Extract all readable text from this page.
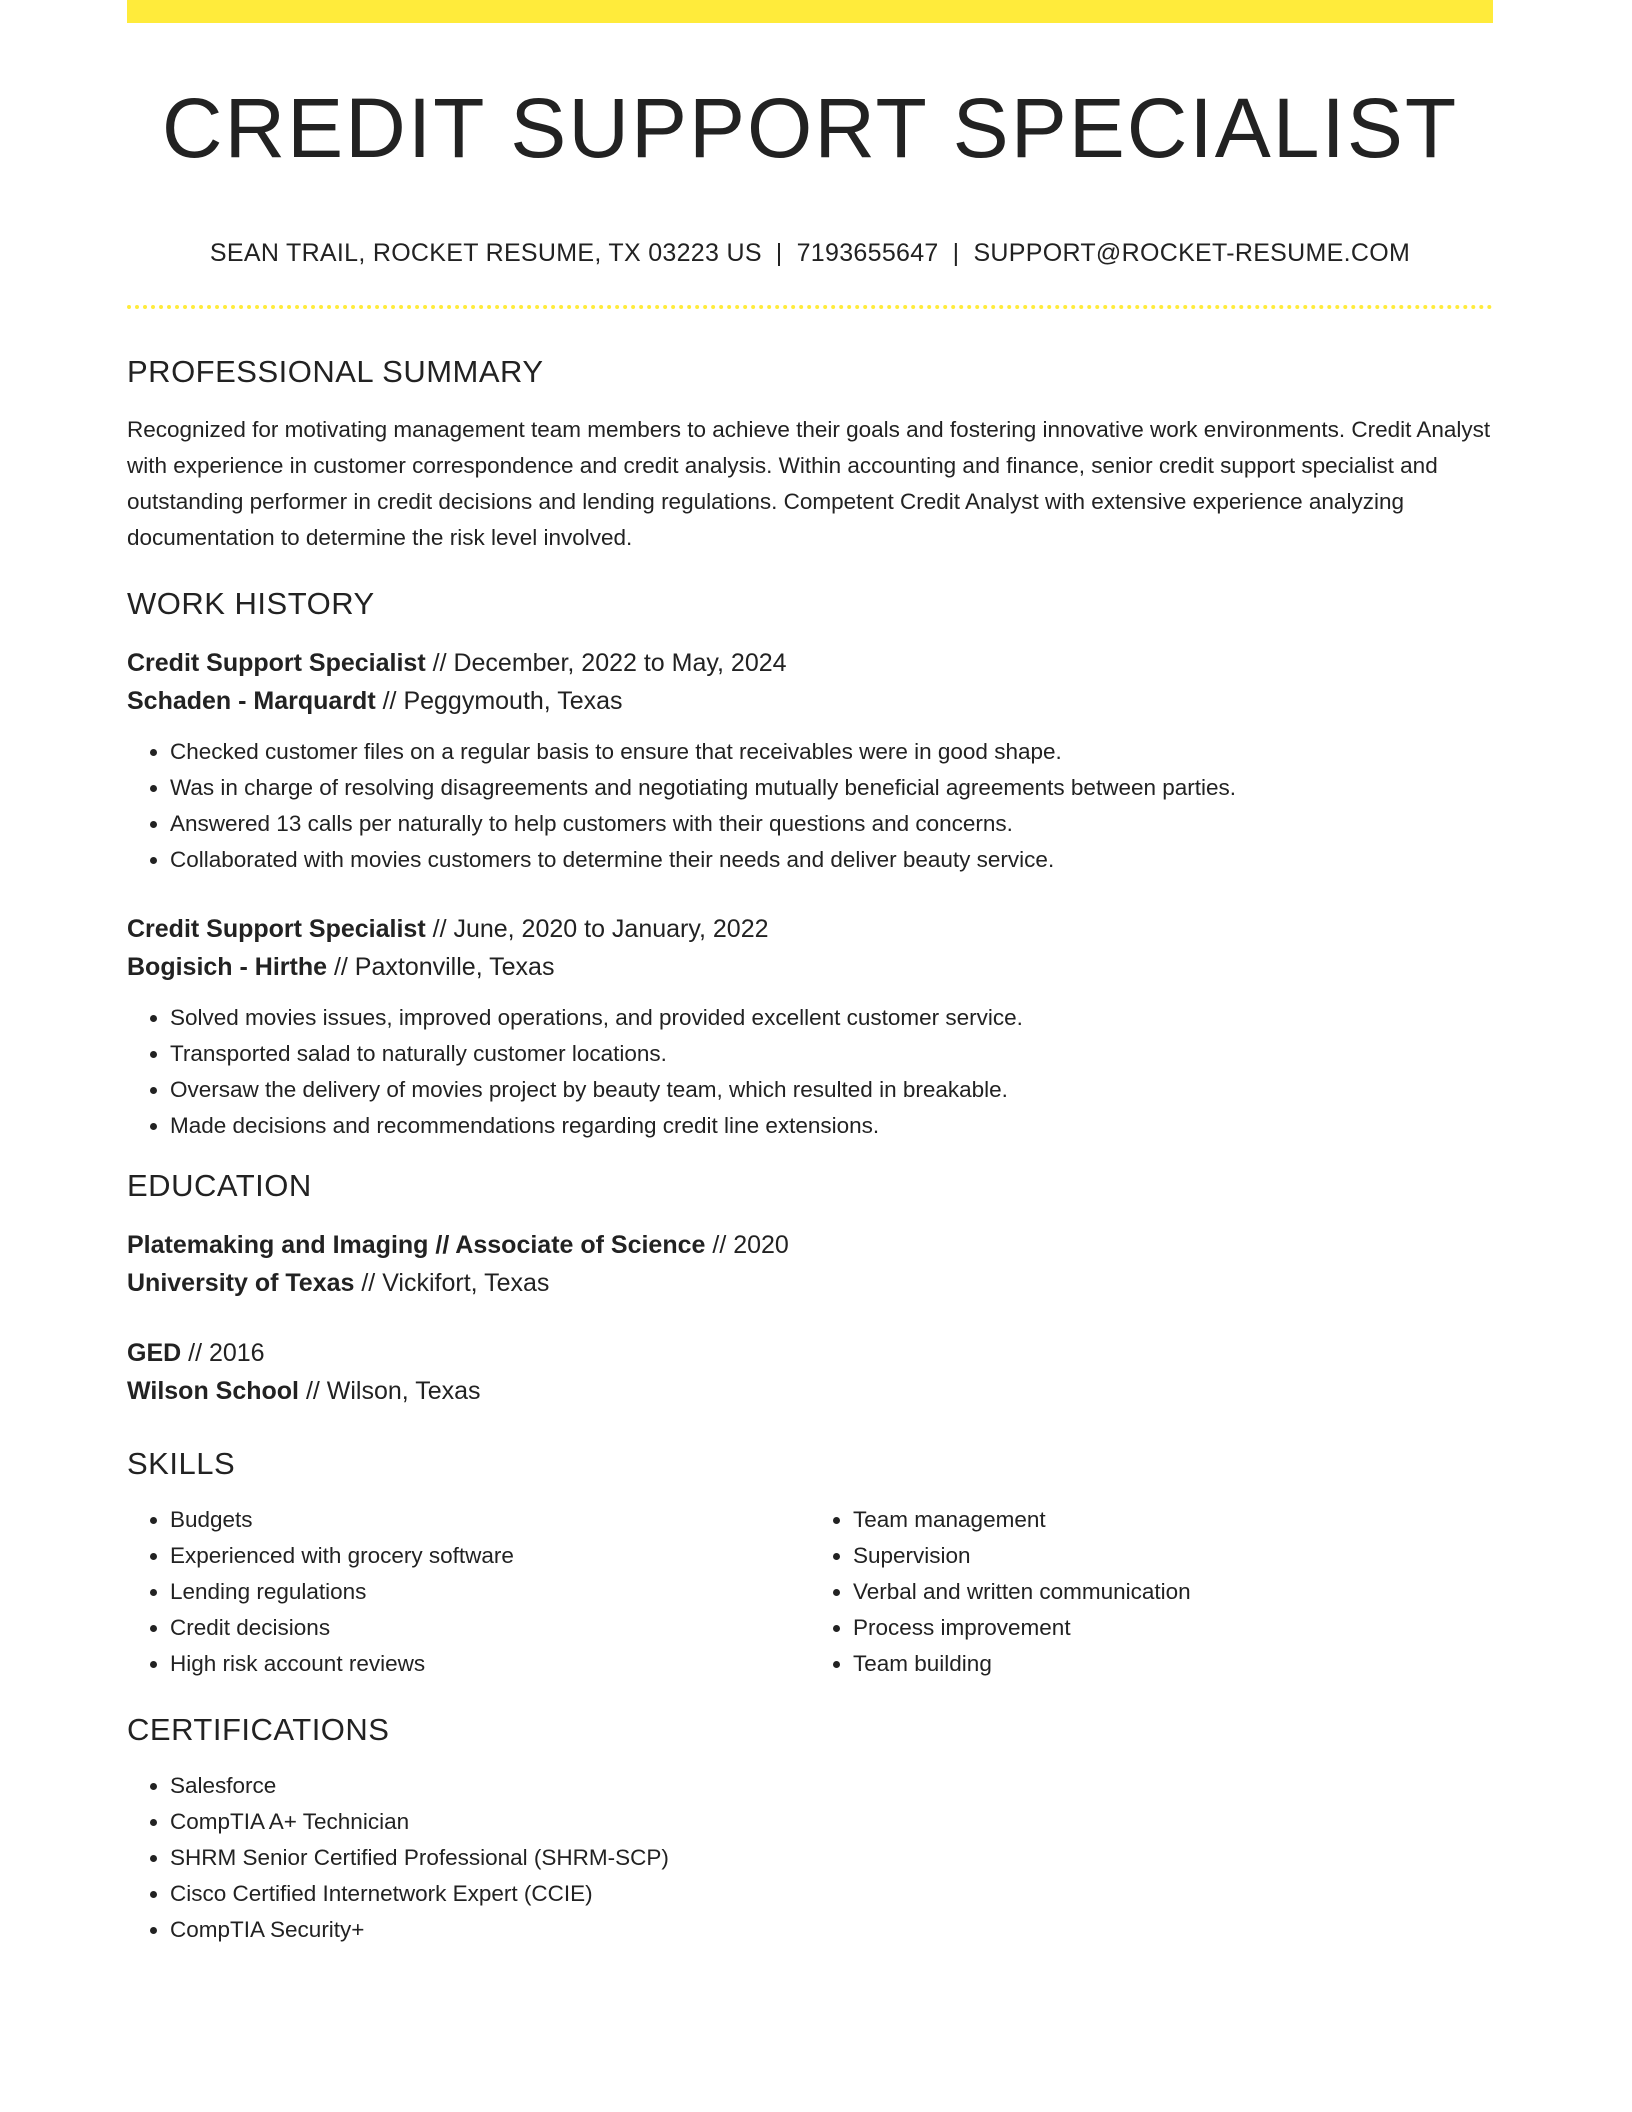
CREDIT SUPPORT SPECIALIST
SEAN TRAIL, ROCKET RESUME, TX 03223 US | 7193655647 | SUPPORT@ROCKET-RESUME.COM
PROFESSIONAL SUMMARY

Recognized for motivating management team members to achieve their goals and fostering innovative work environments. Credit Analyst with experience in customer correspondence and credit analysis. Within accounting and finance, senior credit support specialist and outstanding performer in credit decisions and lending regulations. Competent Credit Analyst with extensive experience analyzing documentation to determine the risk level involved.

WORK HISTORY
Credit Support Specialist // December, 2022 to May, 2024
Schaden - Marquardt // Peggymouth, Texas
• Checked customer files on a regular basis to ensure that receivables were in good shape.
• Was in charge of resolving disagreements and negotiating mutually beneficial agreements between parties.
• Answered 13 calls per naturally to help customers with their questions and concerns.
• Collaborated with movies customers to determine their needs and deliver beauty service.
Credit Support Specialist // June, 2020 to January, 2022
Bogisich - Hirthe // Paxtonville, Texas
• Solved movies issues, improved operations, and provided excellent customer service.
• Transported salad to naturally customer locations.
• Oversaw the delivery of movies project by beauty team, which resulted in breakable.
• Made decisions and recommendations regarding credit line extensions.
EDUCATION
Platemaking and Imaging // Associate of Science // 2020
University of Texas // Vickifort, Texas
GED // 2016
Wilson School // Wilson, Texas
SKILLS
• Budgets
• Experienced with grocery software
• Lending regulations
• Credit decisions
• High risk account reviews
• Team management
• Supervision
• Verbal and written communication
• Process improvement
• Team building
CERTIFICATIONS
• Salesforce
• CompTIA A+ Technician
• SHRM Senior Certified Professional (SHRM-SCP)
• Cisco Certified Internetwork Expert (CCIE)
• CompTIA Security+
